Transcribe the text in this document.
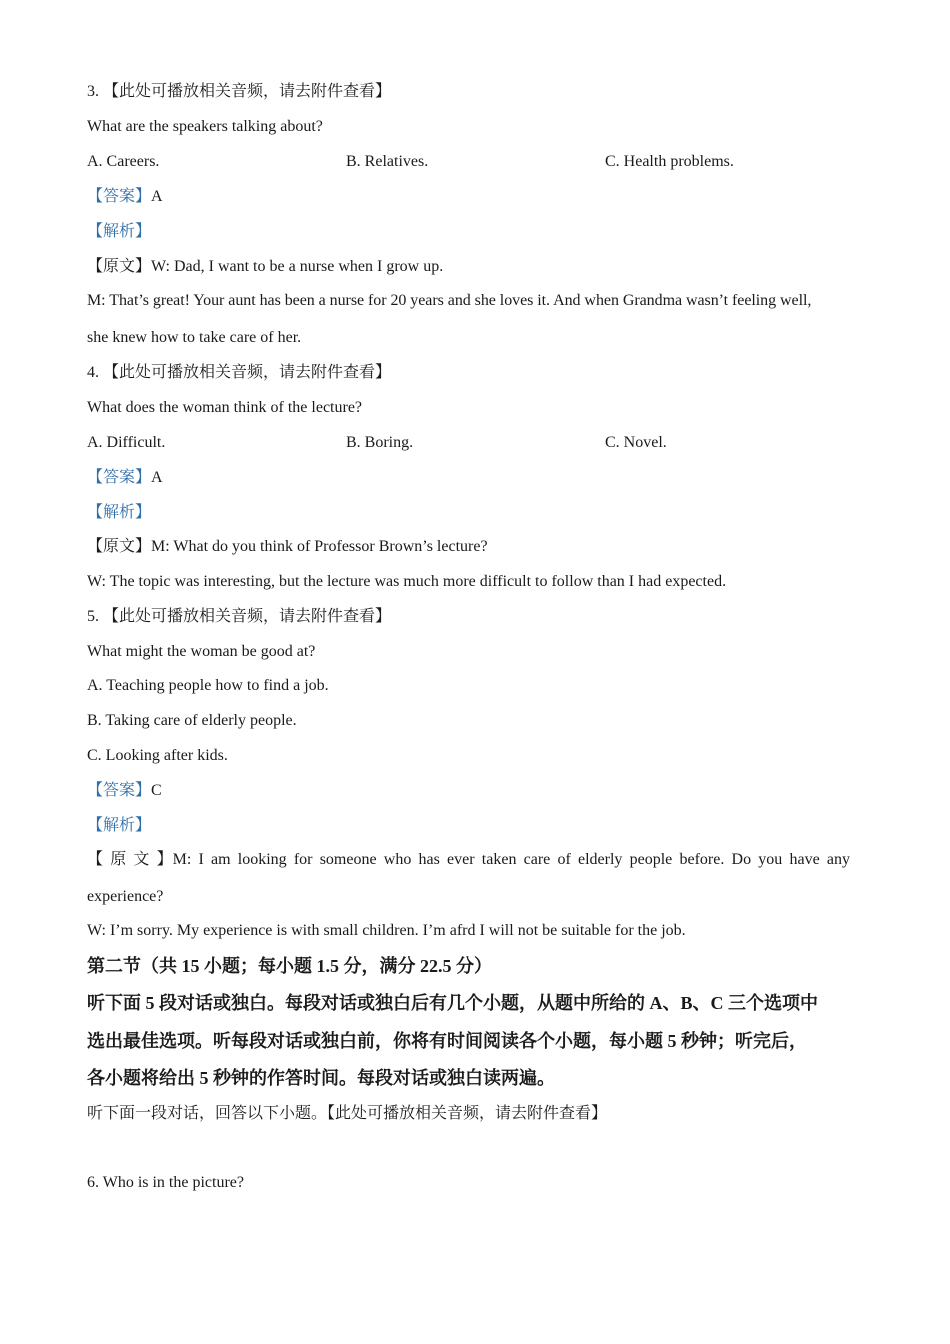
3. 【此处可播放相关音频，请去附件查看】
What are the speakers talking about?
A. Careers.	B. Relatives.	C. Health problems.
【答案】A
【解析】
【原文】W: Dad, I want to be a nurse when I grow up.
M: That’s great! Your aunt has been a nurse for 20 years and she loves it. And when Grandma wasn’t feeling well,
she knew how to take care of her.
4. 【此处可播放相关音频，请去附件查看】
What does the woman think of the lecture?
A. Difficult.	B. Boring.	C. Novel.
【答案】A
【解析】
【原文】M: What do you think of Professor Brown’s lecture?
W: The topic was interesting, but the lecture was much more difficult to follow than I had expected.
5. 【此处可播放相关音频，请去附件查看】
What might the woman be good at?
A. Teaching people how to find a job.
B. Taking care of elderly people.
C. Looking after kids.
【答案】C
【解析】
【 原 文 】M: I am looking for someone who has ever taken care of elderly people before. Do you have any
experience?
W: I’m sorry. My experience is with small children. I’m afrd I will not be suitable for the job.
第二节（共 15 小题；每小题 1.5 分，满分 22.5 分）
听下面 5 段对话或独白。每段对话或独白后有几个小题，从题中所给的 A、B、C 三个选项中
选出最佳选项。听每段对话或独白前，你将有时间阅读各个小题，每小题 5 秒钟；听完后，
各小题将给出 5 秒钟的作答时间。每段对话或独白读两遍。
听下面一段对话，回答以下小题。【此处可播放相关音频，请去附件查看】
6. Who is in the picture?
